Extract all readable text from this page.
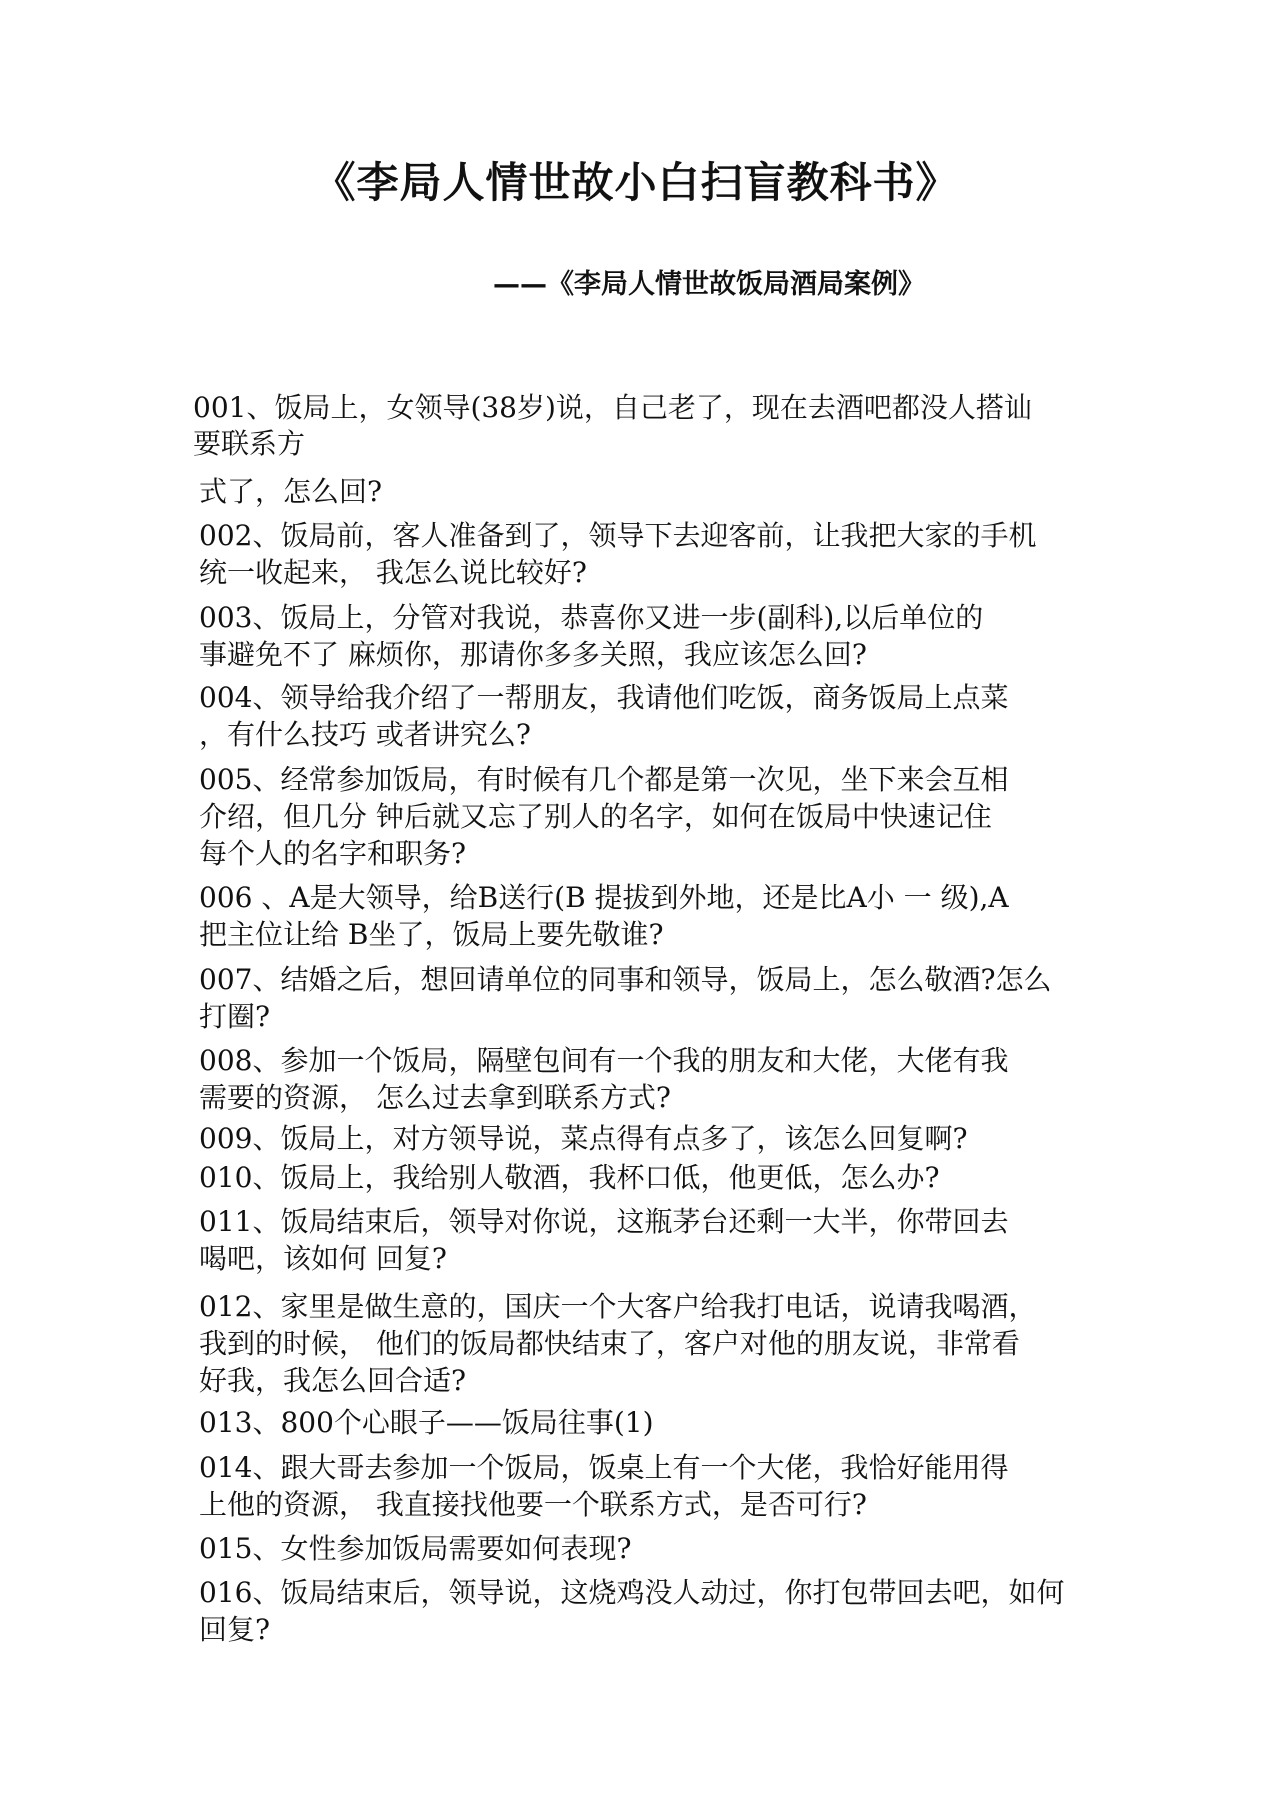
《李局人情世故小白扫盲教科书》
——《李局人情世故饭局酒局案例》

001、饭局上，女领导(38岁)说，自己老了，现在去酒吧都没人搭讪

要联系方

式了，怎么回?

002、饭局前，客人准备到了，领导下去迎客前，让我把大家的手机

统一收起来， 我怎么说比较好?

003、饭局上，分管对我说，恭喜你又进一步(副科),以后单位的

事避免不了 麻烦你，那请你多多关照，我应该怎么回?

004、领导给我介绍了一帮朋友，我请他们吃饭，商务饭局上点菜

，有什么技巧 或者讲究么?

005、经常参加饭局，有时候有几个都是第一次见，坐下来会互相

介绍，但几分 钟后就又忘了别人的名字，如何在饭局中快速记住

每个人的名字和职务?

006 、A是大领导，给B送行(B 提拔到外地，还是比A小 一 级),A

把主位让给 B坐了，饭局上要先敬谁?

007、结婚之后，想回请单位的同事和领导，饭局上，怎么敬酒?怎么

打圈?

008、参加一个饭局，隔壁包间有一个我的朋友和大佬，大佬有我

需要的资源， 怎么过去拿到联系方式?

009、饭局上，对方领导说，菜点得有点多了，该怎么回复啊?

010、饭局上，我给别人敬酒，我杯口低，他更低，怎么办?

011、饭局结束后，领导对你说，这瓶茅台还剩一大半，你带回去

喝吧，该如何 回复?

012、家里是做生意的，国庆一个大客户给我打电话，说请我喝酒，

我到的时候， 他们的饭局都快结束了，客户对他的朋友说，非常看

好我，我怎么回合适?

013、800个心眼子——饭局往事(1)

014、跟大哥去参加一个饭局，饭桌上有一个大佬，我恰好能用得

上他的资源， 我直接找他要一个联系方式，是否可行?

015、女性参加饭局需要如何表现?

016、饭局结束后，领导说，这烧鸡没人动过，你打包带回去吧，如何

回复?
